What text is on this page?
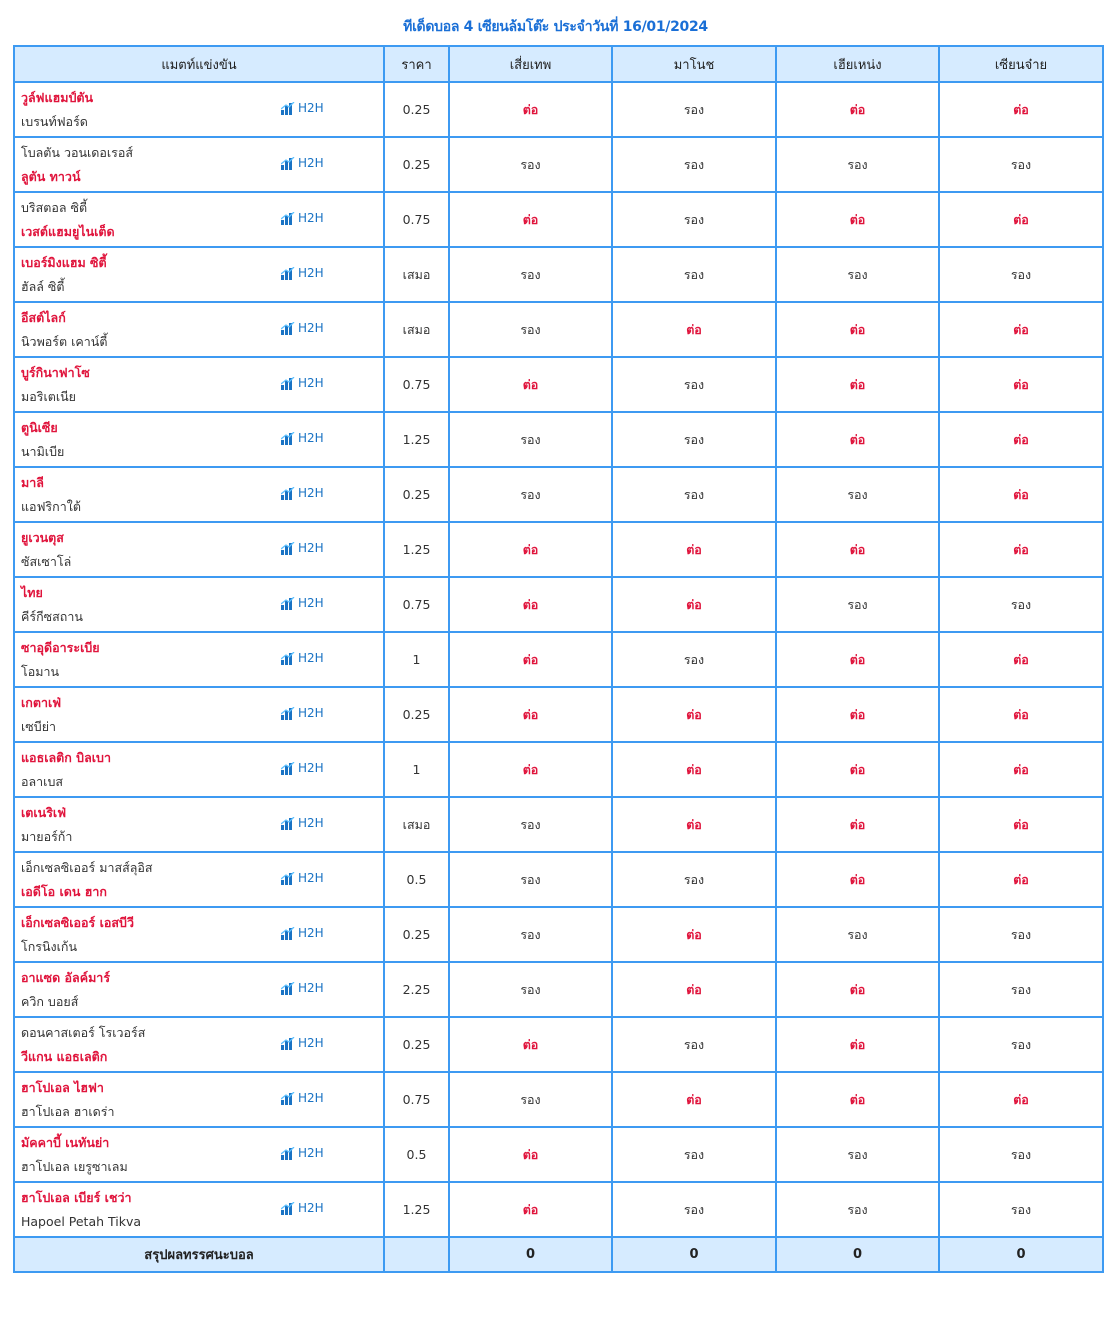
ทีเด็ดบอล 4 เซียนล้มโต๊ะ ประจำวันที่ 16/01/2024
แมตท์แข่งขัน	ราคา	เสี่ยเทพ	มาโนช	เฮียเหน่ง	เซียนจ๋าย

วูล์ฟแฮมป์ตัน
เบรนท์ฟอร์ด
H2H	0.25	ต่อ	รอง	ต่อ	ต่อ

โบลตัน วอนเดอเรอส์
ลูตัน ทาวน์
H2H	0.25	รอง	รอง	รอง	รอง

บริสตอล ซิตี้
เวสต์แฮมยูไนเต็ด
H2H	0.75	ต่อ	รอง	ต่อ	ต่อ

เบอร์มิงแฮม ซิตี้
ฮัลล์ ซิตี้
H2H	เสมอ	รอง	รอง	รอง	รอง

อีสต์ไลก์
นิวพอร์ต เคาน์ตี้
H2H	เสมอ	รอง	ต่อ	ต่อ	ต่อ

บูร์กินาฟาโซ
มอริเตเนีย
H2H	0.75	ต่อ	รอง	ต่อ	ต่อ

ตูนิเซีย
นามิเบีย
H2H	1.25	รอง	รอง	ต่อ	ต่อ

มาลี
แอฟริกาใต้
H2H	0.25	รอง	รอง	รอง	ต่อ

ยูเวนตุส
ซัสเซาโล่
H2H	1.25	ต่อ	ต่อ	ต่อ	ต่อ

ไทย
คีร์กีซสถาน
H2H	0.75	ต่อ	ต่อ	รอง	รอง

ซาอุดีอาระเบีย
โอมาน
H2H	1	ต่อ	รอง	ต่อ	ต่อ

เกตาเฟ่
เซบีย่า
H2H	0.25	ต่อ	ต่อ	ต่อ	ต่อ

แอธเลติก บิลเบา
อลาเบส
H2H	1	ต่อ	ต่อ	ต่อ	ต่อ

เตเนริเฟ่
มายอร์ก้า
H2H	เสมอ	รอง	ต่อ	ต่อ	ต่อ

เอ็กเซลซิเออร์ มาสส์ลุอิส
เอดีโอ เดน ฮาก
H2H	0.5	รอง	รอง	ต่อ	ต่อ

เอ็กเซลซิเออร์ เอสบีวี
โกรนิงเก้น
H2H	0.25	รอง	ต่อ	รอง	รอง

อาแซด อัลค์มาร์
ควิก บอยส์
H2H	2.25	รอง	ต่อ	ต่อ	รอง

ดอนคาสเตอร์ โรเวอร์ส
วีแกน แอธเลติก
H2H	0.25	ต่อ	รอง	ต่อ	รอง

ฮาโปเอล ไฮฟา
ฮาโปเอล ฮาเดร่า
H2H	0.75	รอง	ต่อ	ต่อ	ต่อ

มัคคาบี้ เนทันย่า
ฮาโปเอล เยรูซาเลม
H2H	0.5	ต่อ	รอง	รอง	รอง

ฮาโปเอล เบียร์ เชว่า
Hapoel Petah Tikva
H2H	1.25	ต่อ	รอง	รอง	รอง
สรุปผลทรรศนะบอล		0	0	0	0
